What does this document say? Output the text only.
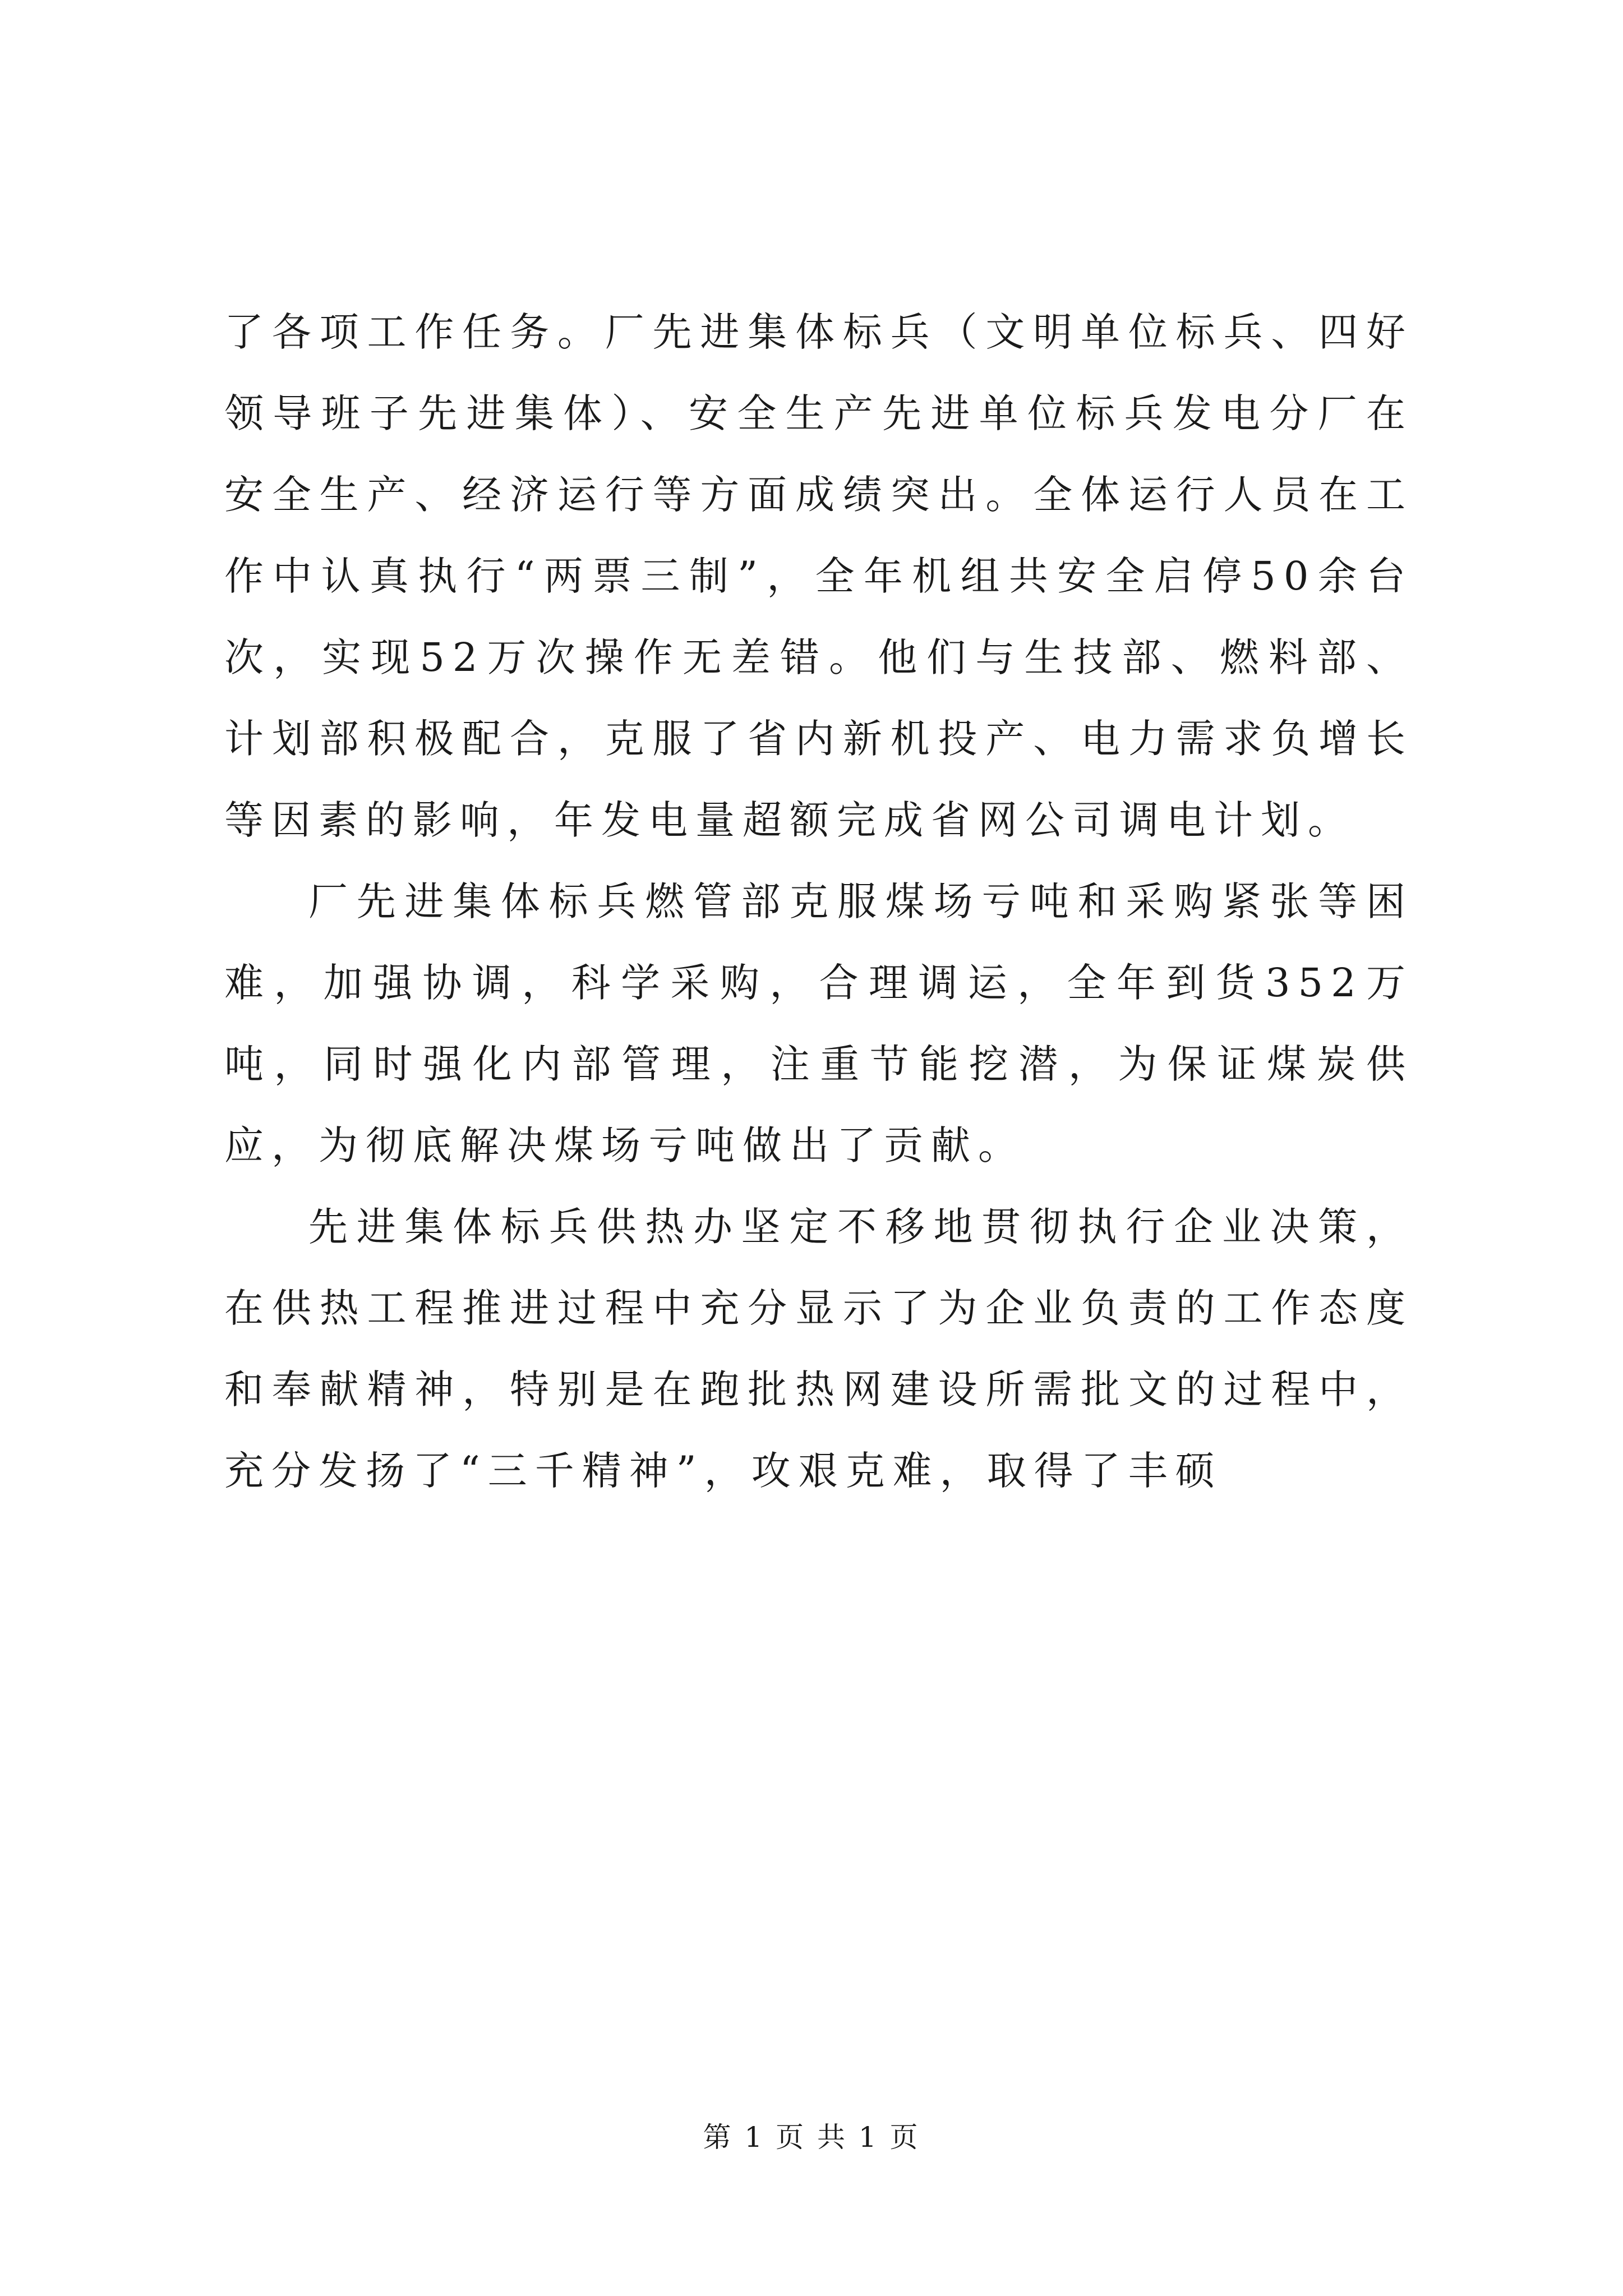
了各项工作任务。厂先进集体标兵（文明单位标兵、四好领导班子先进集体）、安全生产先进单位标兵发电分厂在安全生产、经济运行等方面成绩突出。全体运行人员在工作中认真执行“两票三制”，全年机组共安全启停50余台次，实现52万次操作无差错。他们与生技部、燃料部、计划部积极配合，克服了省内新机投产、电力需求负增长等因素的影响，年发电量超额完成省网公司调电计划。

厂先进集体标兵燃管部克服煤场亏吨和采购紧张等困难，加强协调，科学采购，合理调运，全年到货352万吨，同时强化内部管理，注重节能挖潜，为保证煤炭供应，为彻底解决煤场亏吨做出了贡献。

先进集体标兵供热办坚定不移地贯彻执行企业决策，在供热工程推进过程中充分显示了为企业负责的工作态度和奉献精神，特别是在跑批热网建设所需批文的过程中，充分发扬了“三千精神”，攻艰克难，取得了丰硕

第 1 页 共 1 页
